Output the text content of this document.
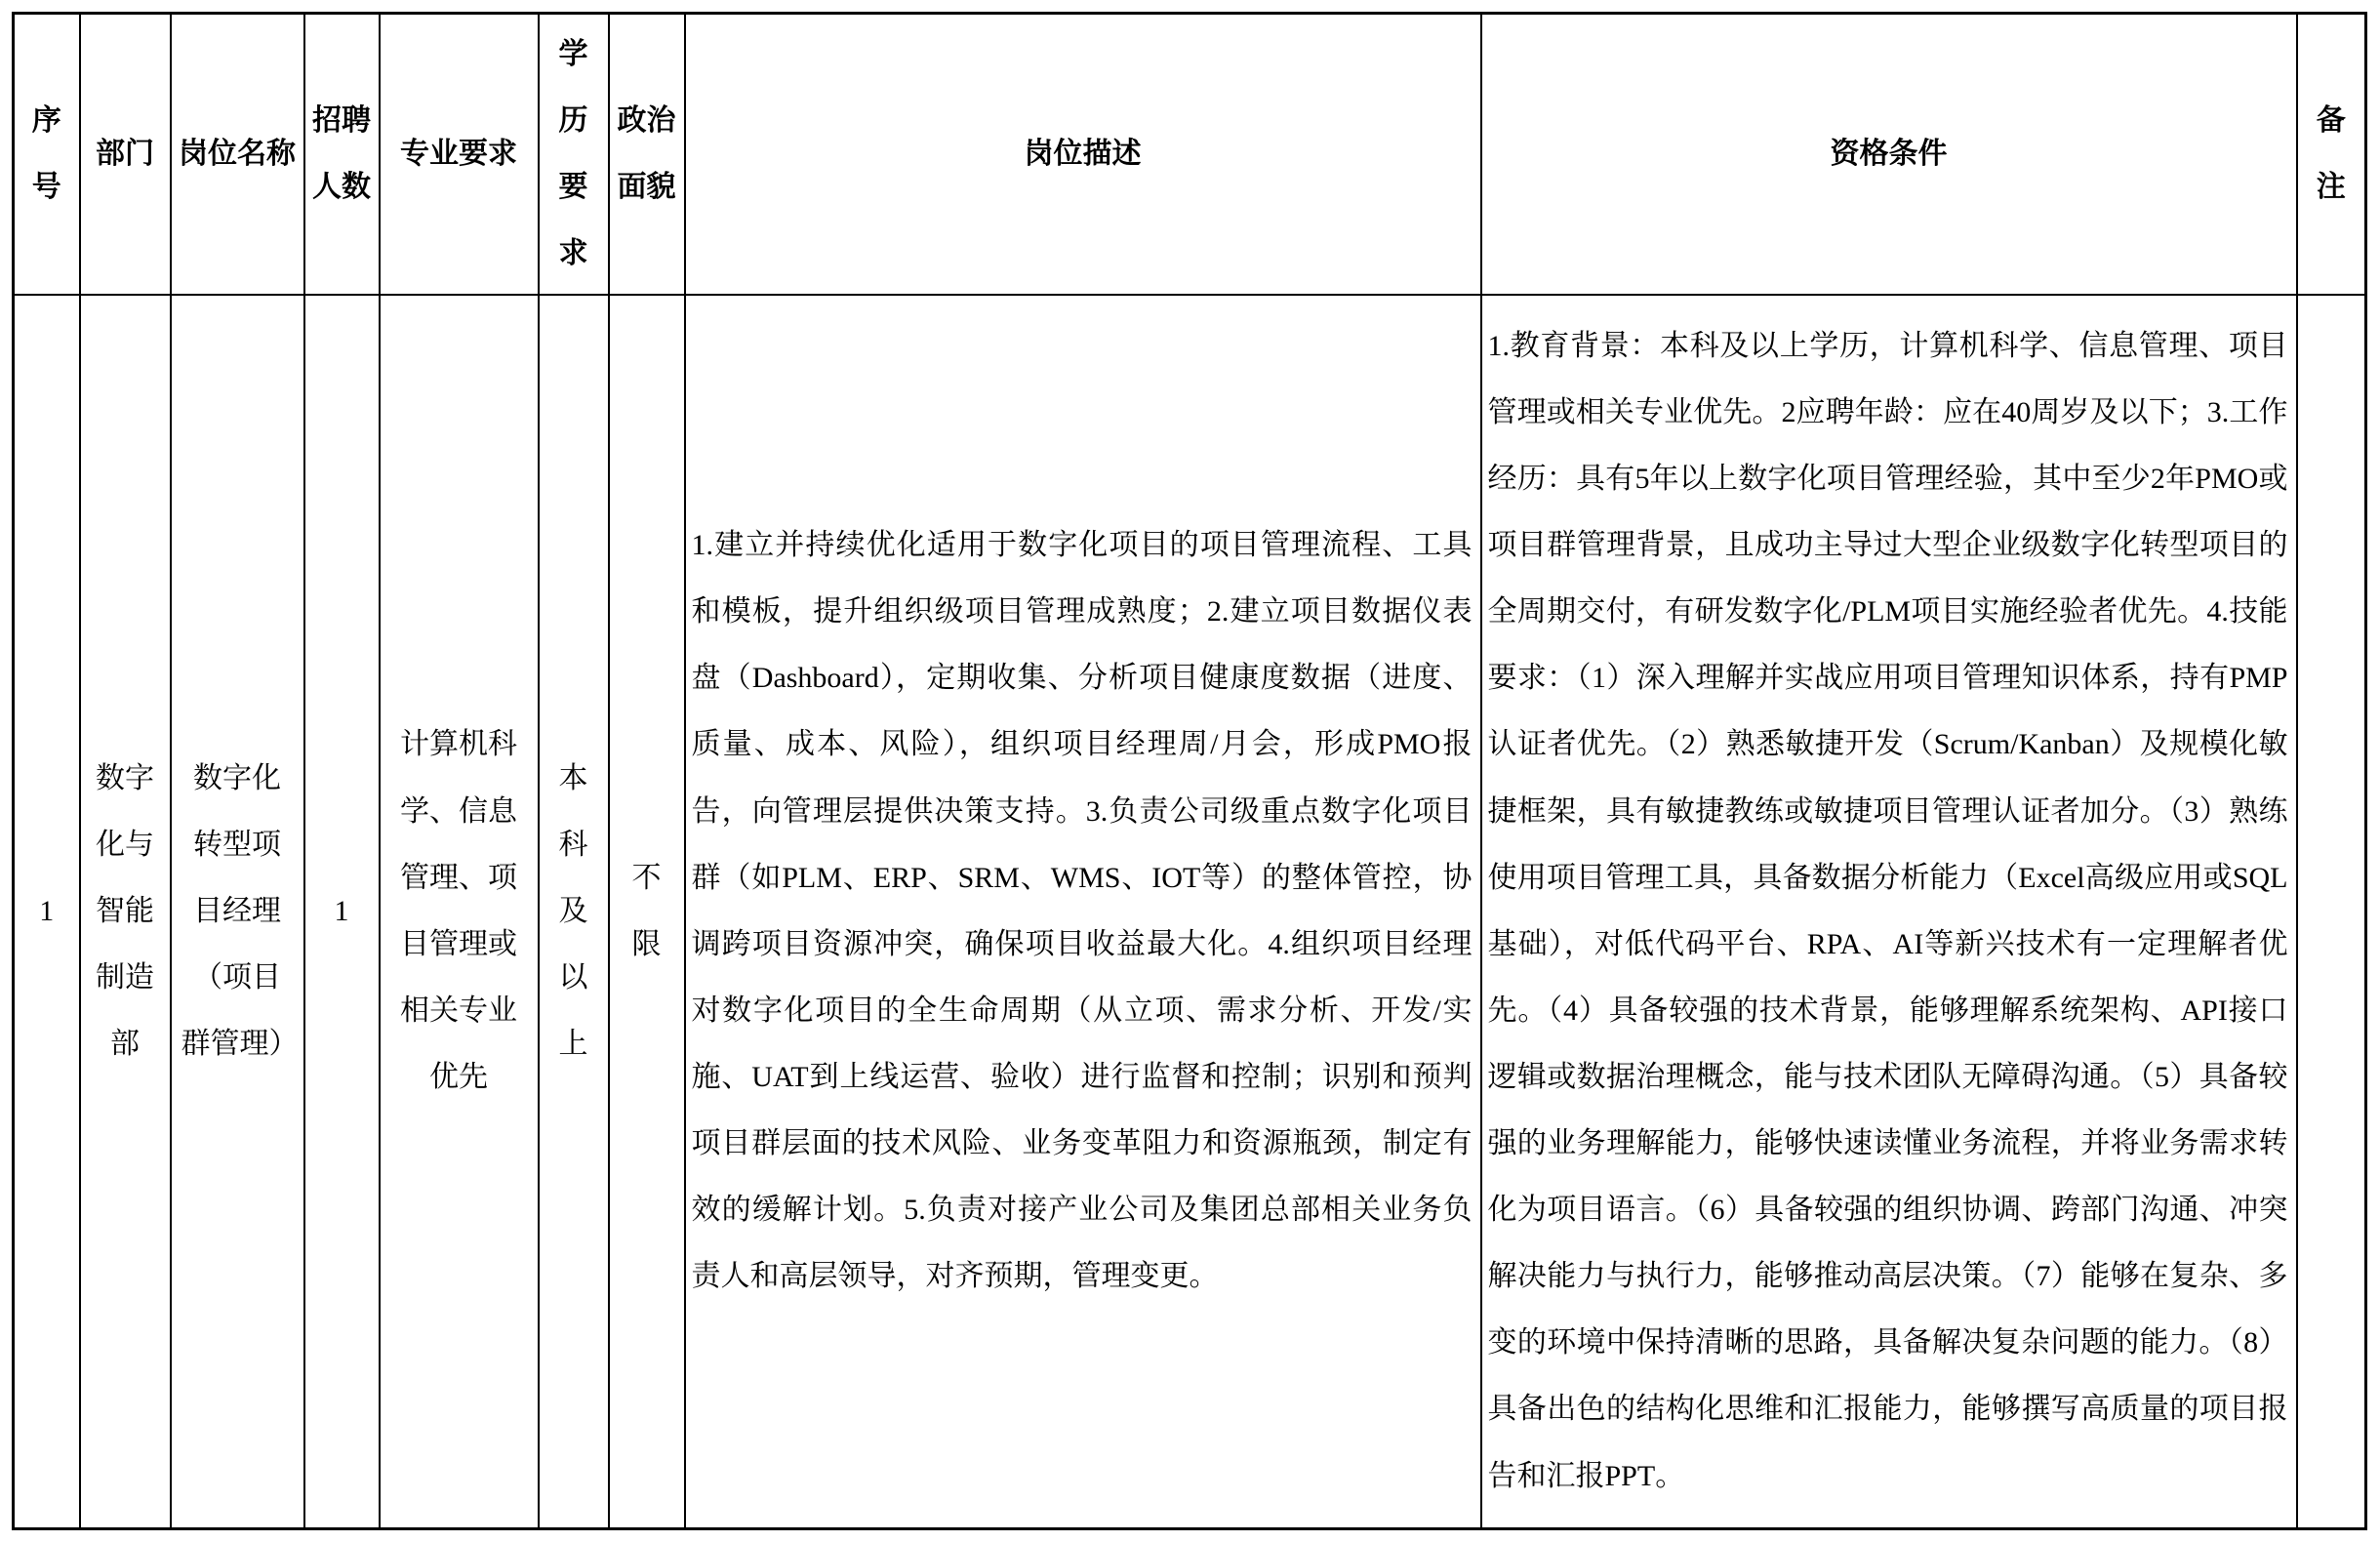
序号	部门	岗位名称	招聘人数	专业要求	学历要求	政治面貌	岗位描述	资格条件	备注
1	数字化与智能制造部	数字化转型项目经理（项目群管理）	1	计算机科学、信息管理、项目管理或相关专业优先	本科及以上	不限	1.建立并持续优化适用于数字化项目的项目管理流程、工具和模板，提升组织级项目管理成熟度；2.建立项目数据仪表盘（Dashboard），定期收集、分析项目健康度数据（进度、质量、成本、风险），组织项目经理周/月会，形成PMO报告，向管理层提供决策支持。3.负责公司级重点数字化项目群（如PLM、ERP、SRM、WMS、IOT等）的整体管控，协调跨项目资源冲突，确保项目收益最大化。4.组织项目经理对数字化项目的全生命周期（从立项、需求分析、开发/实施、UAT到上线运营、验收）进行监督和控制；识别和预判项目群层面的技术风险、业务变革阻力和资源瓶颈，制定有效的缓解计划。5.负责对接产业公司及集团总部相关业务负责人和高层领导，对齐预期，管理变更。	1.教育背景：本科及以上学历，计算机科学、信息管理、项目管理或相关专业优先。2应聘年龄：应在40周岁及以下；3.工作经历：具有5年以上数字化项目管理经验，其中至少2年PMO或项目群管理背景，且成功主导过大型企业级数字化转型项目的全周期交付，有研发数字化/PLM项目实施经验者优先。4.技能要求：（1）深入理解并实战应用项目管理知识体系，持有PMP认证者优先。（2）熟悉敏捷开发（Scrum/Kanban）及规模化敏捷框架，具有敏捷教练或敏捷项目管理认证者加分。（3）熟练使用项目管理工具，具备数据分析能力（Excel高级应用或SQL基础），对低代码平台、RPA、AI等新兴技术有一定理解者优先。（4）具备较强的技术背景，能够理解系统架构、API接口逻辑或数据治理概念，能与技术团队无障碍沟通。（5）具备较强的业务理解能力，能够快速读懂业务流程，并将业务需求转化为项目语言。（6）具备较强的组织协调、跨部门沟通、冲突解决能力与执行力，能够推动高层决策。（7）能够在复杂、多变的环境中保持清晰的思路，具备解决复杂问题的能力。（8）具备出色的结构化思维和汇报能力，能够撰写高质量的项目报告和汇报PPT。	
